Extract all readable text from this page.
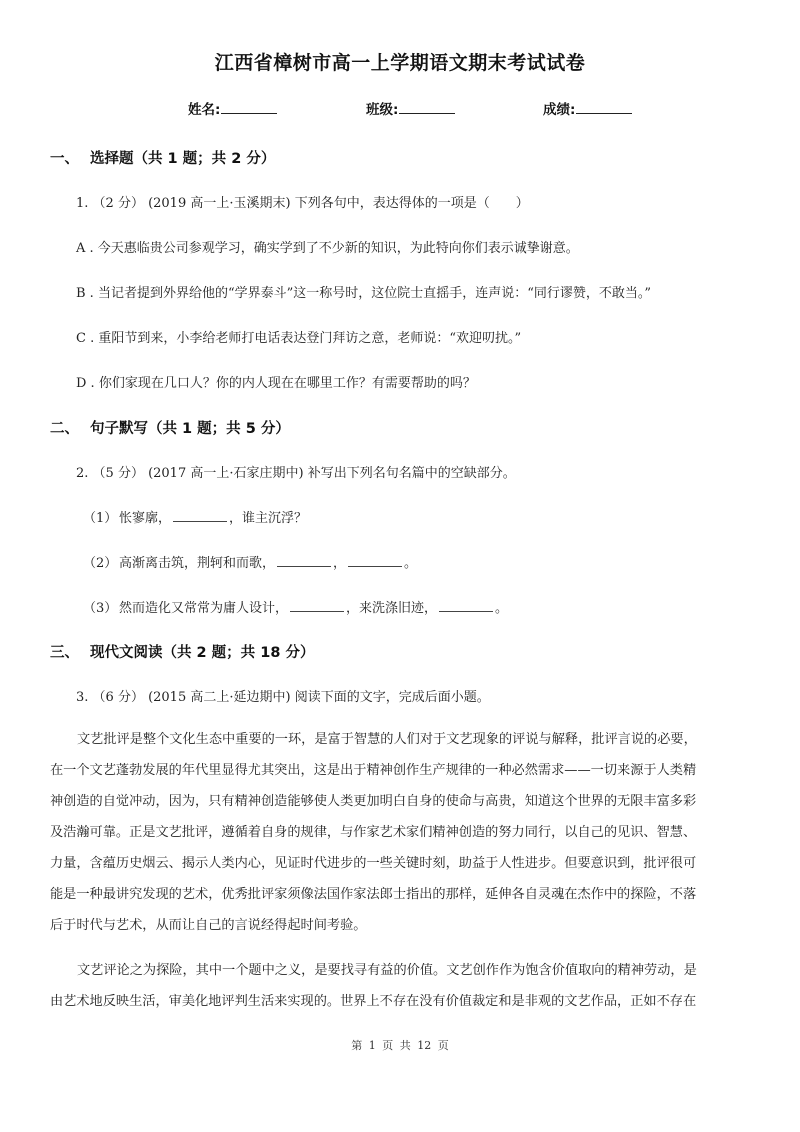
江西省樟树市高一上学期语文期末考试试卷
姓名:	班级:	成绩:
一、 选择题（共 1 题；共 2 分）
1. （2 分） (2019 高一上·玉溪期末) 下列各句中，表达得体的一项是（　　）
A . 今天惠临贵公司参观学习，确实学到了不少新的知识，为此特向你们表示诚挚谢意。
B . 当记者提到外界给他的“学界泰斗”这一称号时，这位院士直摇手，连声说：“同行谬赞，不敢当。”
C . 重阳节到来，小李给老师打电话表达登门拜访之意，老师说：“欢迎叨扰。”
D . 你们家现在几口人？你的内人现在在哪里工作？有需要帮助的吗？
二、 句子默写（共 1 题；共 5 分）
2. （5 分） (2017 高一上·石家庄期中) 补写出下列名句名篇中的空缺部分。
（1） 怅寥廓，	，谁主沉浮？
（2） 高渐离击筑，荆轲和而歌，	，	。
（3） 然而造化又常常为庸人设计，	，来洗涤旧迹，	。
三、 现代文阅读（共 2 题；共 18 分）
3. （6 分） (2015 高二上·延边期中) 阅读下面的文字，完成后面小题。
文艺批评是整个文化生态中重要的一环，是富于智慧的人们对于文艺现象的评说与解释，批评言说的必要，
在一个文艺蓬勃发展的年代里显得尤其突出，这是出于精神创作生产规律的一种必然需求——一切来源于人类精
神创造的自觉冲动，因为，只有精神创造能够使人类更加明白自身的使命与高贵，知道这个世界的无限丰富多彩
及浩瀚可靠。正是文艺批评，遵循着自身的规律，与作家艺术家们精神创造的努力同行，以自己的见识、智慧、
力量，含蕴历史烟云、揭示人类内心，见证时代进步的一些关键时刻，助益于人性进步。但要意识到，批评很可
能是一种最讲究发现的艺术，优秀批评家须像法国作家法郎士指出的那样，延伸各自灵魂在杰作中的探险，不落
后于时代与艺术，从而让自己的言说经得起时间考验。
文艺评论之为探险，其中一个题中之义，是要找寻有益的价值。文艺创作作为饱含价值取向的精神劳动，是
由艺术地反映生活，审美化地评判生活来实现的。世界上不存在没有价值裁定和是非观的文艺作品，正如不存在
第 1 页 共 12 页
